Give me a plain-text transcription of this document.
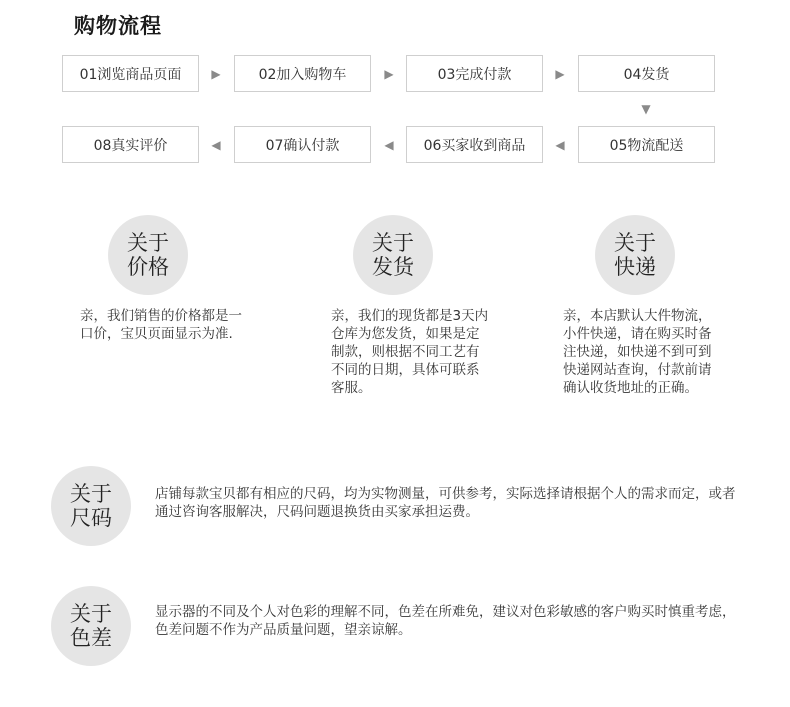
购物流程
01浏览商品页面	▶	02加入购物车	▶	03完成付款	▶	04发货
▼
08真实评价	◀	07确认付款	◀	06买家收到商品	◀	05物流配送
关于价格
亲，我们销售的价格都是一口价，宝贝页面显示为准.
关于发货
亲，我们的现货都是3天内仓库为您发货，如果是定制款，则根据不同工艺有不同的日期，具体可联系客服。
关于快递
亲，本店默认大件物流，小件快递，请在购买时备注快递，如快递不到可到快递网站查询，付款前请确认收货地址的正确。
关于尺码
店铺每款宝贝都有相应的尺码，均为实物测量，可供参考，实际选择请根据个人的需求而定，或者通过咨询客服解决，尺码问题退换货由买家承担运费。
关于色差
显示器的不同及个人对色彩的理解不同，色差在所难免，建议对色彩敏感的客户购买时慎重考虑，色差问题不作为产品质量问题，望亲谅解。
